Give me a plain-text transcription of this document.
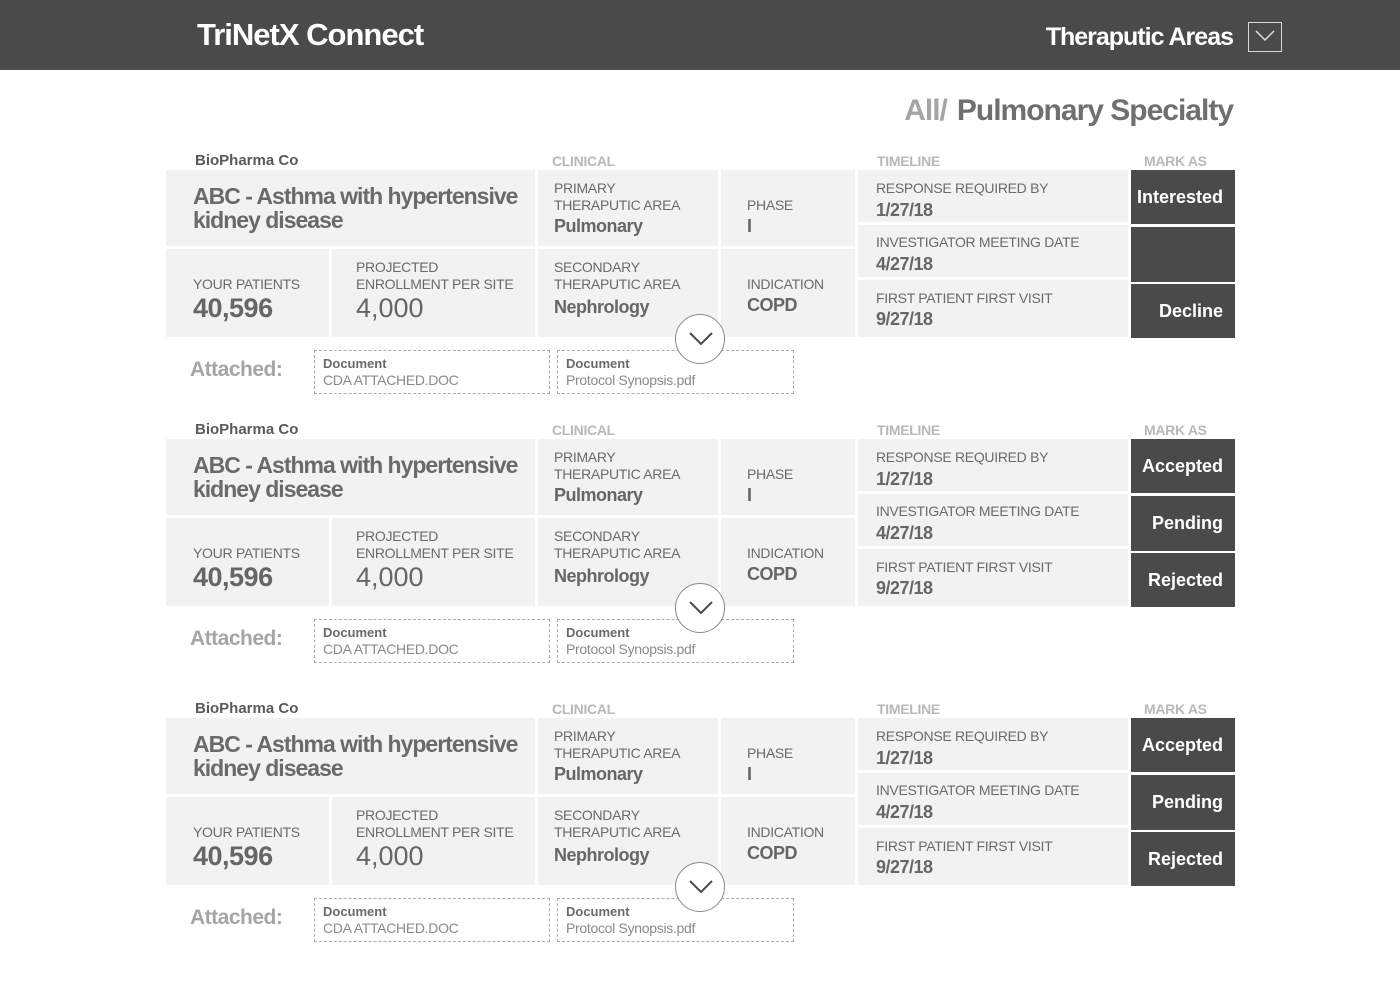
TriNetX Connect	Theraputic Areas
All/ Pulmonary Specialty
BioPharma Co	CLINICAL	TIMELINE	MARK AS
ABC - Asthma with hypertensive kidney disease
YOUR PATIENTS
40,596
PROJECTED ENROLLMENT PER SITE
4,000
PRIMARY THERAPUTIC AREA
Pulmonary
PHASE
I
SECONDARY THERAPUTIC AREA
Nephrology
INDICATION
COPD
RESPONSE REQUIRED BY
1/27/18
INVESTIGATOR MEETING DATE
4/27/18
FIRST PATIENT FIRST VISIT
9/27/18
Interested
Decline
Attached:	Document
CDA ATTACHED.DOC
Document
Protocol Synopsis.pdf
BioPharma Co	CLINICAL	TIMELINE	MARK AS
ABC - Asthma with hypertensive kidney disease
YOUR PATIENTS
40,596
PROJECTED ENROLLMENT PER SITE
4,000
PRIMARY THERAPUTIC AREA
Pulmonary
PHASE
I
SECONDARY THERAPUTIC AREA
Nephrology
INDICATION
COPD
RESPONSE REQUIRED BY
1/27/18
INVESTIGATOR MEETING DATE
4/27/18
FIRST PATIENT FIRST VISIT
9/27/18
Accepted
Pending
Rejected
Attached:	Document
CDA ATTACHED.DOC
Document
Protocol Synopsis.pdf
BioPharma Co	CLINICAL	TIMELINE	MARK AS
ABC - Asthma with hypertensive kidney disease
YOUR PATIENTS
40,596
PROJECTED ENROLLMENT PER SITE
4,000
PRIMARY THERAPUTIC AREA
Pulmonary
PHASE
I
SECONDARY THERAPUTIC AREA
Nephrology
INDICATION
COPD
RESPONSE REQUIRED BY
1/27/18
INVESTIGATOR MEETING DATE
4/27/18
FIRST PATIENT FIRST VISIT
9/27/18
Accepted
Pending
Rejected
Attached:	Document
CDA ATTACHED.DOC
Document
Protocol Synopsis.pdf
